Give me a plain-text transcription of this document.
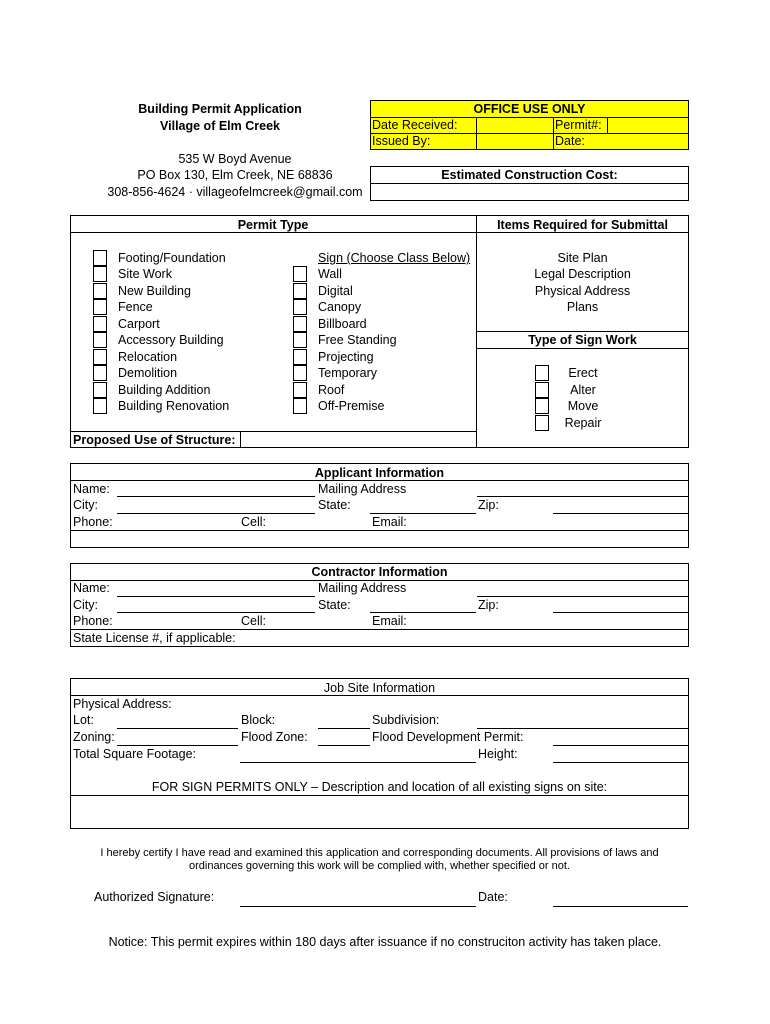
Building Permit Application
Village of Elm Creek
535 W Boyd Avenue
PO Box 130, Elm Creek, NE 68836
308-856-4624 · villageofelmcreek@gmail.com
OFFICE USE ONLY
Date Received:	Permit#:
Issued By:	Date:
Estimated Construction Cost:
Permit Type	Items Required for Submittal
Footing/Foundation
Site Work
New Building
Fence
Carport
Accessory Building
Relocation
Demolition
Building Addition
Building Renovation
Sign (Choose Class Below)
Wall
Digital
Canopy
Billboard
Free Standing
Projecting
Temporary
Roof
Off-Premise
Proposed Use of Structure:
Site Plan
Legal Description
Physical Address
Plans
Type of Sign Work
Erect
Alter
Move
Repair
Applicant Information
Name:	Mailing Address
City:	State:	Zip:
Phone:	Cell:	Email:
Contractor Information
Name:	Mailing Address
City:	State:	Zip:
Phone:	Cell:	Email:
State License #, if applicable:
Job Site Information
Physical Address:
Lot:	Block:	Subdivision:
Zoning:	Flood Zone:	Flood Development Permit:
Total Square Footage:	Height:
FOR SIGN PERMITS ONLY – Description and location of all existing signs on site:
I hereby certify I have read and examined this application and corresponding documents. All provisions of laws and
ordinances governing this work will be complied with, whether specified or not.
Authorized Signature:	Date:
Notice: This permit expires within 180 days after issuance if no construciton activity has taken place.
